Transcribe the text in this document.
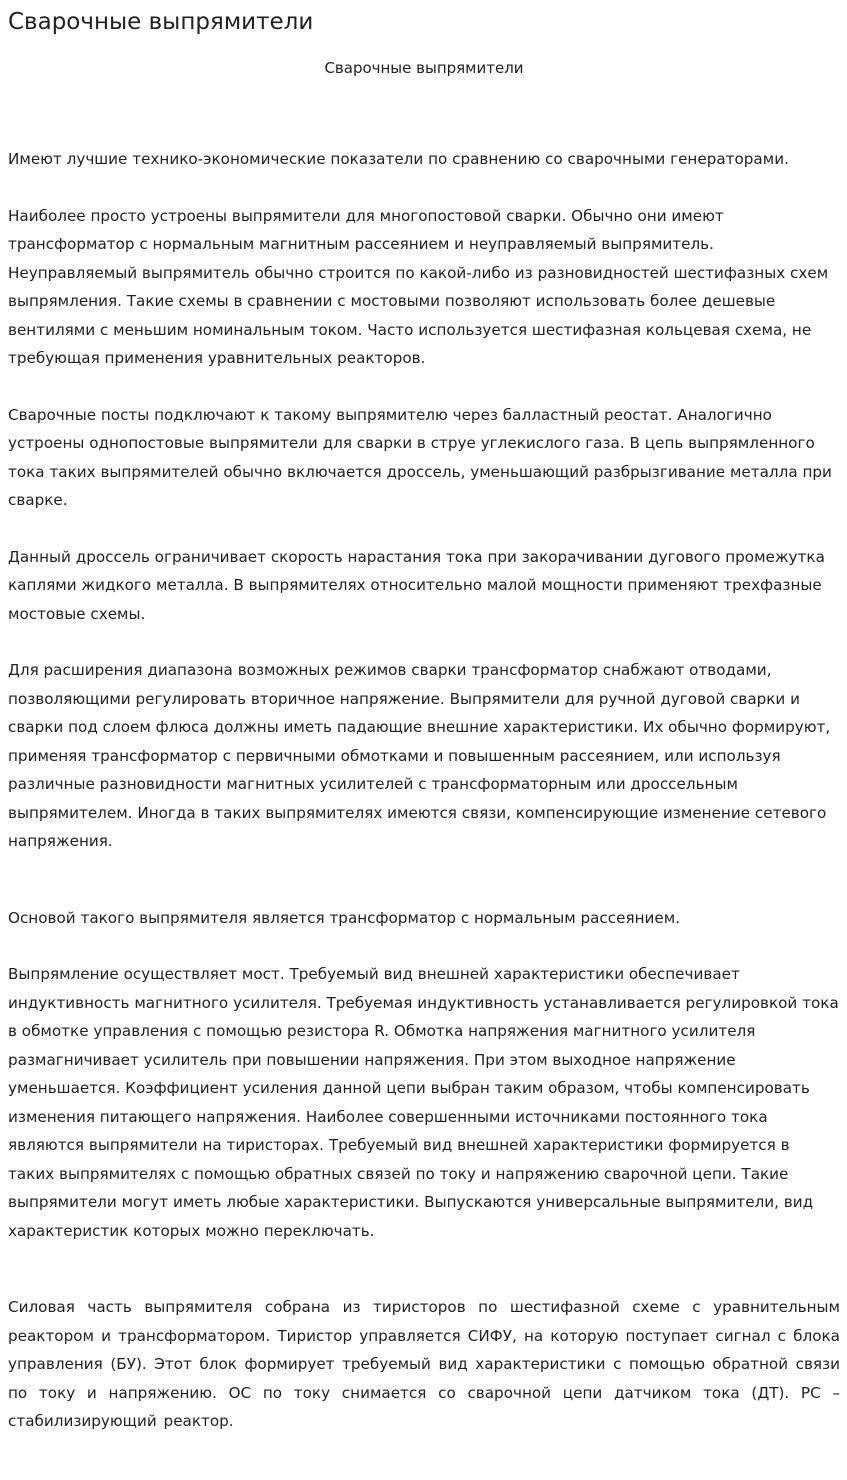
Сварочные выпрямители
Сварочные выпрямители

Имеют лучшие технико-экономические показатели по сравнению со сварочными генераторами.

Наиболее просто устроены выпрямители для многопостовой сварки. Обычно они имеют трансформатор с нормальным магнитным рассеянием и неуправляемый выпрямитель. Неуправляемый выпрямитель обычно строится по какой-либо из разновидностей шестифазных схем выпрямления. Такие схемы в сравнении с мостовыми позволяют использовать более дешевые вентилями с меньшим номинальным током. Часто используется шестифазная кольцевая схема, не требующая применения уравнительных реакторов.

Сварочные посты подключают к такому выпрямителю через балластный реостат. Аналогично устроены однопостовые выпрямители для сварки в струе углекислого газа. В цепь выпрямленного тока таких выпрямителей обычно включается дроссель, уменьшающий разбрызгивание металла при сварке.

Данный дроссель ограничивает скорость нарастания тока при закорачивании дугового промежутка каплями жидкого металла. В выпрямителях относительно малой мощности применяют трехфазные мостовые схемы.

Для расширения диапазона возможных режимов сварки трансформатор снабжают отводами, позволяющими регулировать вторичное напряжение. Выпрямители для ручной дуговой сварки и сварки под слоем флюса должны иметь падающие внешние характеристики. Их обычно формируют, применяя трансформатор с первичными обмотками и повышенным рассеянием, или используя различные разновидности магнитных усилителей с трансформаторным или дроссельным выпрямителем. Иногда в таких выпрямителях имеются связи, компенсирующие изменение сетевого напряжения.

Основой такого выпрямителя является трансформатор с нормальным рассеянием.

Выпрямление осуществляет мост. Требуемый вид внешней характеристики обеспечивает индуктивность магнитного усилителя. Требуемая индуктивность устанавливается регулировкой тока в обмотке управления с помощью резистора R. Обмотка напряжения магнитного усилителя размагничивает усилитель при повышении напряжения. При этом выходное напряжение уменьшается. Коэффициент усиления данной цепи выбран таким образом, чтобы компенсировать изменения питающего напряжения. Наиболее совершенными источниками постоянного тока являются выпрямители на тиристорах. Требуемый вид внешней характеристики формируется в таких выпрямителях с помощью обратных связей по току и напряжению сварочной цепи. Такие выпрямители могут иметь любые характеристики. Выпускаются универсальные выпрямители, вид характеристик которых можно переключать.

Силовая часть выпрямителя собрана из тиристоров по шестифазной схеме с уравнительным реактором и трансформатором. Тиристор управляется СИФУ, на которую поступает сигнал с блока управления (БУ). Этот блок формирует требуемый вид характеристики с помощью обратной связи по току и напряжению. ОС по току снимается со сварочной цепи датчиком тока (ДТ). РС – стабилизирующий реактор.
